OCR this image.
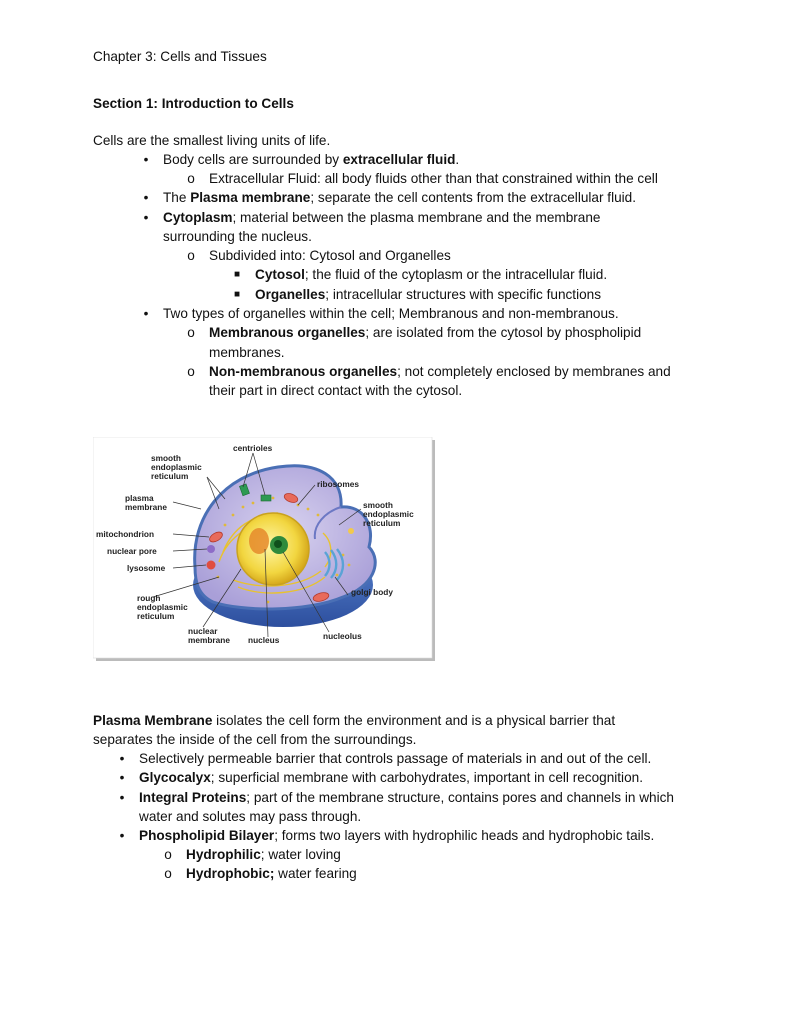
Chapter 3: Cells and Tissues
Section 1: Introduction to Cells
Cells are the smallest living units of life.
•	Body cells are surrounded by extracellular fluid.
o Extracellular Fluid: all body fluids other than that constrained within the cell
•	The Plasma membrane; separate the cell contents from the extracellular fluid.
•	Cytoplasm; material between the plasma membrane and the membrane
surrounding the nucleus.
o Subdivided into: Cytosol and Organelles
■ Cytosol; the fluid of the cytoplasm or the intracellular fluid.
■ Organelles; intracellular structures with specific functions
•	Two types of organelles within the cell; Membranous and non-membranous.
o Membranous organelles; are isolated from the cytosol by phospholipid
membranes.
o Non-membranous organelles; not completely enclosed by membranes and
their part in direct contact with the cytosol.
centrioles
smooth
endoplasmic
reticulum
ribosomes
plasma
membrane	smooth
endoplasmic
reticulum
mitochondrion
nuclear pore
lysosome
golgi body
rough
endoplasmic
reticulum
nuclear
membrane nucleus	nucleolus
Plasma Membrane isolates the cell form the environment and is a physical barrier that
separates the inside of the cell from the surroundings.
•	Selectively permeable barrier that controls passage of materials in and out of the cell.
•	Glycocalyx; superficial membrane with carbohydrates, important in cell recognition.
•	Integral Proteins; part of the membrane structure, contains pores and channels in which
water and solutes may pass through.
•	Phospholipid Bilayer; forms two layers with hydrophilic heads and hydrophobic tails.
o Hydrophilic; water loving
o Hydrophobic; water fearing
